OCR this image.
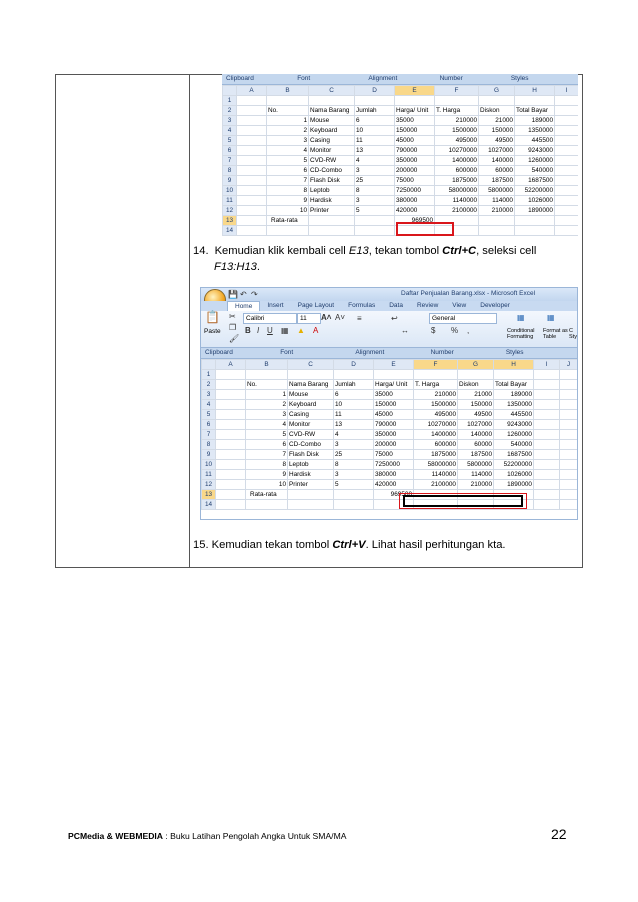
Clipboard	Font	Alignment	Number	Styles
	A	B	C	D	E	F	G	H	I
1									
2		No.	Nama Barang	Jumlah	Harga/ Unit	T. Harga	Diskon	Total Bayar	
3		1	Mouse	6	35000	210000	21000	189000	
4		2	Keyboard	10	150000	1500000	150000	1350000	
5		3	Casing	11	45000	495000	49500	445500	
6		4	Monitor	13	790000	10270000	1027000	9243000	
7		5	CVD-RW	4	350000	1400000	140000	1260000	
8		6	CD-Combo	3	200000	600000	60000	540000	
9		7	Flash Disk	25	75000	1875000	187500	1687500	
10		8	Leptob	8	7250000	58000000	5800000	52200000	
11		9	Hardisk	3	380000	1140000	114000	1026000	
12		10	Printer	5	420000	2100000	210000	1890000	
13		Rata-rata			969500				
14									
14. Kemudian klik kembali cell E13, tekan tombol Ctrl+C, seleksi cell
F13:H13.
💾 ↶ ↷	Daftar Penjualan Barang.xlsx - Microsoft Excel
Home	Insert	Page Layout	Formulas	Data	Review	View	Developer
📋
Paste
✂
❐
🖌
Calibri	11	A˄ A˅
B I U ▦ ▲ A
≡	↩
↔
General
$ % ,
▦
Conditional Formatting
▦
Format as Table
C Sty
Clipboard	Font	Alignment	Number	Styles
	A	B	C	D	E	F	G	H	I	J
1										
2		No.	Nama Barang	Jumlah	Harga/ Unit	T. Harga	Diskon	Total Bayar		
3		1	Mouse	6	35000	210000	21000	189000		
4		2	Keyboard	10	150000	1500000	150000	1350000		
5		3	Casing	11	45000	495000	49500	445500		
6		4	Monitor	13	790000	10270000	1027000	9243000		
7		5	CVD-RW	4	350000	1400000	140000	1260000		
8		6	CD-Combo	3	200000	600000	60000	540000		
9		7	Flash Disk	25	75000	1875000	187500	1687500		
10		8	Leptob	8	7250000	58000000	5800000	52200000		
11		9	Hardisk	3	380000	1140000	114000	1026000		
12		10	Printer	5	420000	2100000	210000	1890000		
13		Rata-rata			969500					
14										
15. Kemudian tekan tombol Ctrl+V. Lihat hasil perhitungan kta.
PCMedia & WEBMEDIA : Buku Latihan Pengolah Angka Untuk SMA/MA	22
